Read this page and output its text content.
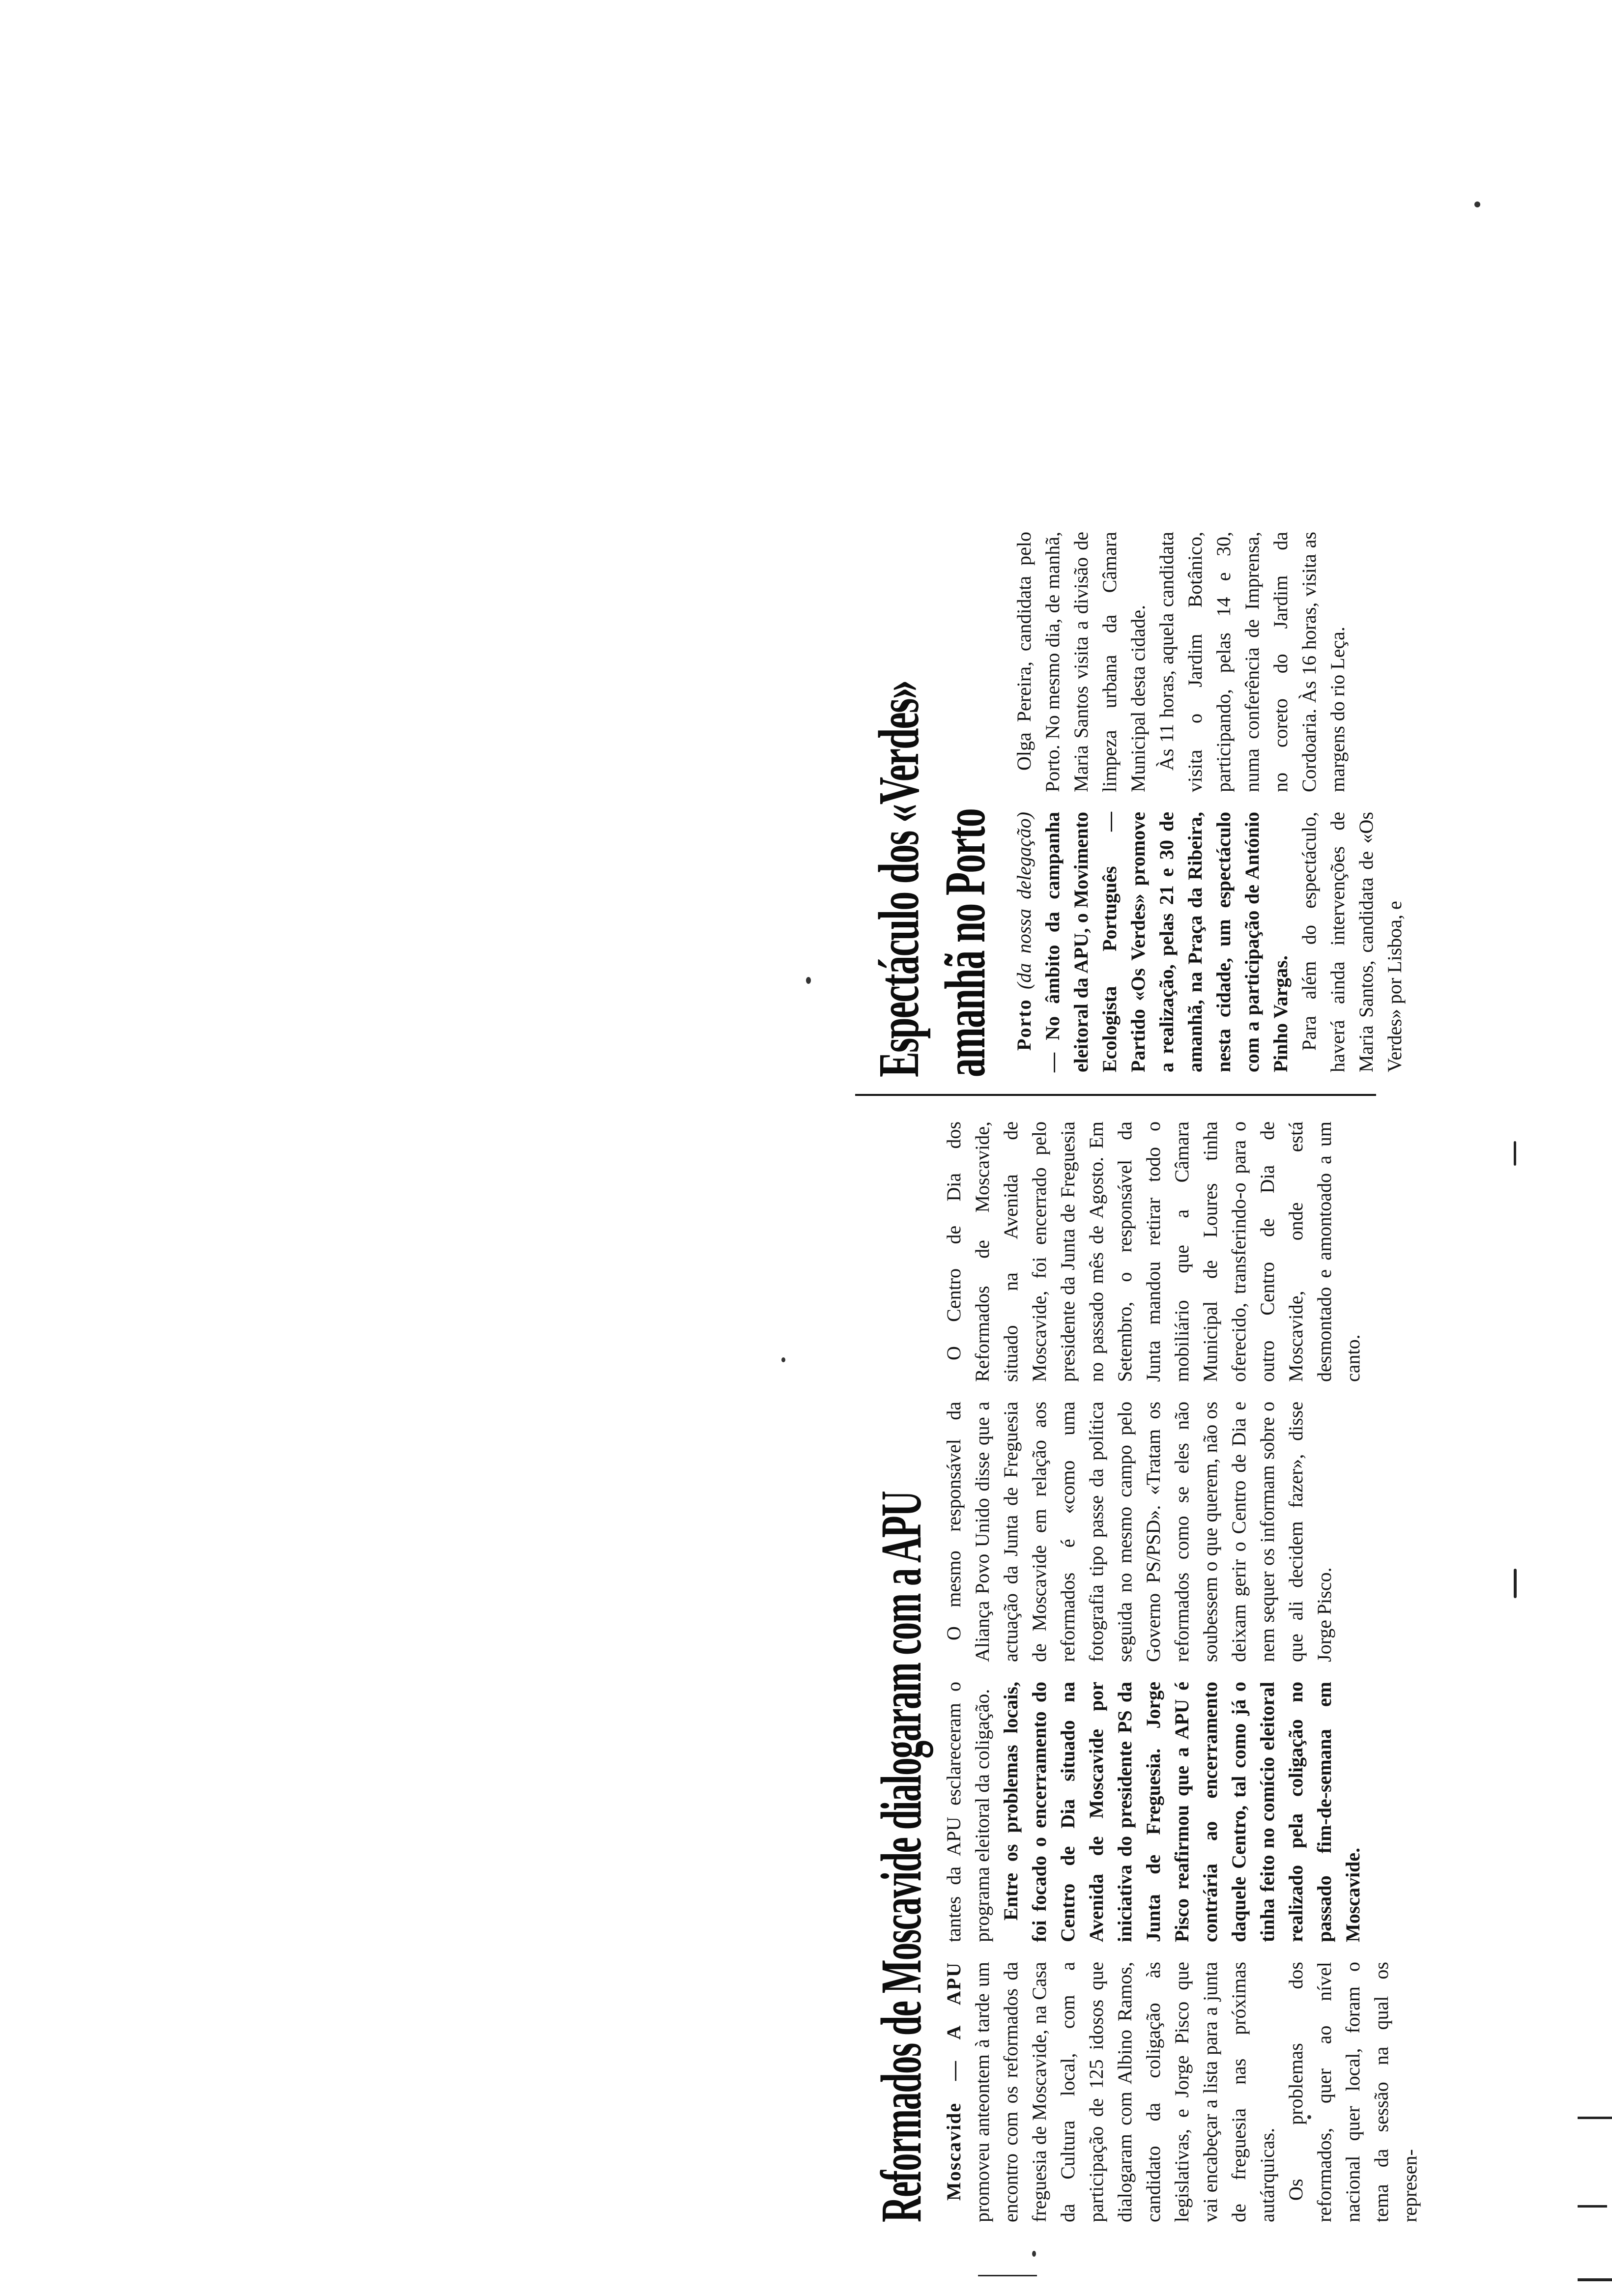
Reformados de Moscavide dialogaram com a APU Moscavide — A APU promoveu anteontem à tarde um encontro com os reformados da freguesia de Moscavide, na Casa da Cultura local, com a participação de 125 idosos que dialogaram com Albino Ramos, candidato da coligação às legislativas, e Jorge Pisco que vai encabeçar a lista para a junta de freguesia nas próximas autárquicas. Os problemas dos reformados, quer ao nível nacional quer local, foram o tema da sessão na qual os represen-

tantes da APU esclareceram o programa eleitoral da coligação. Entre os problemas locais, foi focado o encerramento do Centro de Dia situado na Avenida de Moscavide por iniciativa do presidente PS da Junta de Freguesia. Jorge Pisco reafirmou que a APU é contrária ao encerramento daquele Centro, tal como já o tinha feito no comício eleitoral realizado pela coligação no passado fim-de-semana em Moscavide.

O mesmo responsável da Aliança Povo Unido disse que a actuação da Junta de Freguesia de Moscavide em relação aos reformados é «como uma fotografia tipo passe da política seguida no mesmo campo pelo Governo PS/PSD». «Tratam os reformados como se eles não soubessem o que querem, não os deixam gerir o Centro de Dia e nem sequer os informam sobre o que ali decidem fazer», disse Jorge Pisco.

O Centro de Dia dos Reformados de Moscavide, situado na Avenida de Moscavide, foi encerrado pelo presidente da Junta de Freguesia no passado mês de Agosto. Em Setembro, o responsável da Junta mandou retirar todo o mobiliário que a Câmara Municipal de Loures tinha oferecido, transferindo-o para o outro Centro de Dia de Moscavide, onde está desmontado e amontoado a um canto.

Espectáculo dos «Verdes» amanhã no Porto Porto (da nossa delegação) — No âmbito da campanha eleitoral da APU, o Movimento Ecologista Português — Partido «Os Verdes» promove a realização, pelas 21 e 30 de amanhã, na Praça da Ribeira, nesta cidade, um espectáculo com a participação de António Pinho Vargas. Para além do espectáculo, haverá ainda intervenções de Maria Santos, candidata de «Os Verdes» por Lisboa, e

Olga Pereira, candidata pelo Porto. No mesmo dia, de manhã, Maria Santos visita a divisão de limpeza urbana da Câmara Municipal desta cidade. Às 11 horas, aquela candidata visita o Jardim Botânico, participando, pelas 14 e 30, numa conferência de Imprensa, no coreto do Jardim da Cordoaria. Às 16 horas, visita as margens do rio Leça.
